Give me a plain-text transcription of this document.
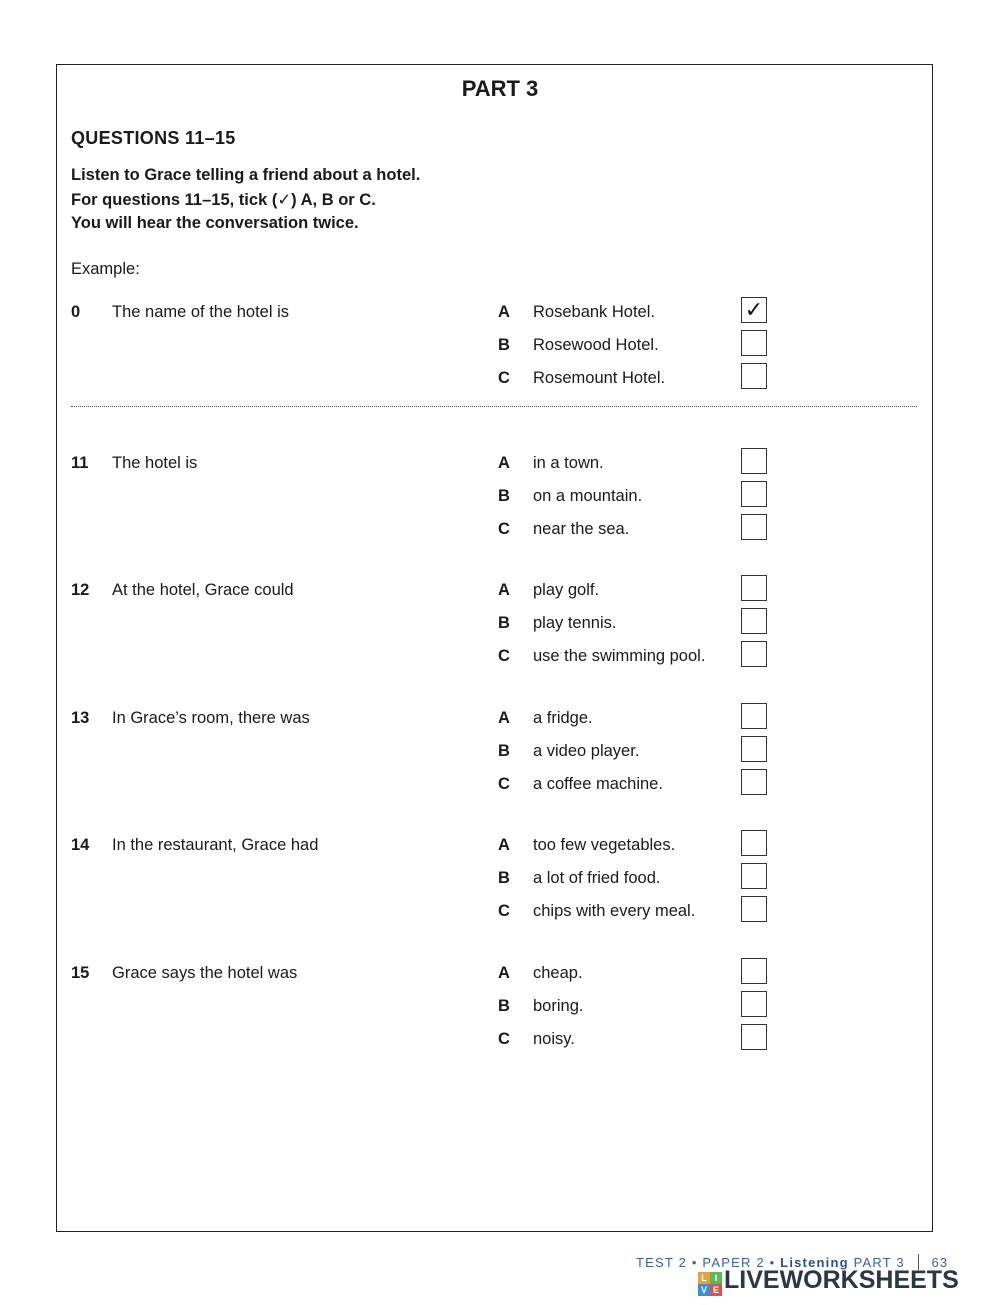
PART 3
QUESTIONS 11–15
Listen to Grace telling a friend about a hotel.
For questions 11–15, tick (✓) A, B or C.
You will hear the conversation twice.
Example:
0 The name of the hotel is	A Rosebank Hotel.	✓
B Rosewood Hotel.
C Rosemount Hotel.
11 The hotel is	A in a town.
B on a mountain.
C near the sea.
12 At the hotel, Grace could	A play golf.
B play tennis.
C use the swimming pool.
13 In Grace’s room, there was	A a fridge.
B a video player.
C a coffee machine.
14 In the restaurant, Grace had	A too few vegetables.
B a lot of fried food.
C chips with every meal.
15 Grace says the hotel was	A cheap.
B boring.
C noisy.
TEST 2 • PAPER 2 • Listening PART 3 63
L I
V E LIVEWORKSHEETS
